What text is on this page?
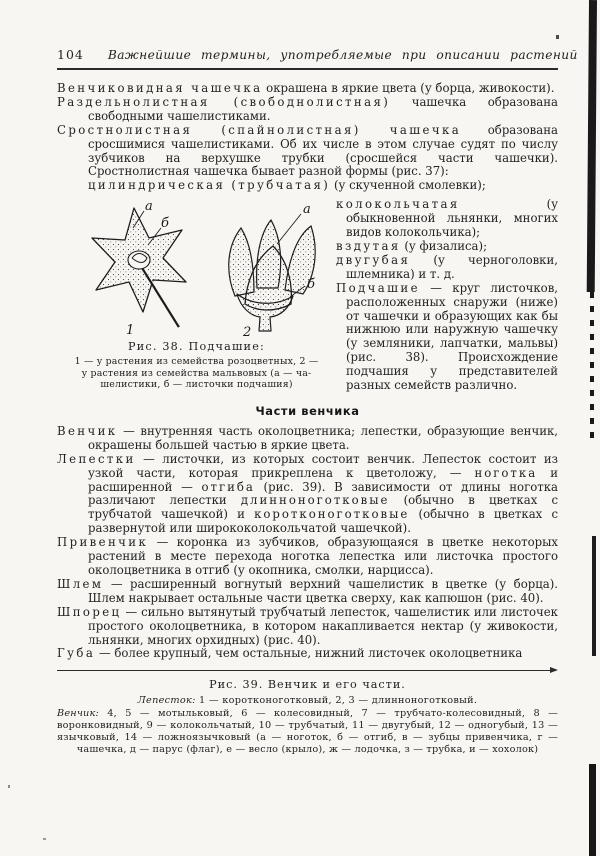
104 Важнейшие термины, употребляемые при описании растений

Венчиковидная чашечка окрашена в яркие цвета (у борца, живокости).

Раздельнолистная (свободнолистная) чашечка образована свободными чашелистиками.

Сростнолистная (спайнолистная) чашечка образована сросшимися чашелистиками. Об их числе в этом случае судят по числу зубчиков на верхушке трубки (сросшейся части чашечки). Сростнолистная чашечка бывает разной формы (рис. 37):

цилиндрическая (трубчатая) (у скученной смолевки);

а
б
1
а
б
2
Рис. 38. Подчашие:
1 — у растения из семейства розоцветных, 2 —
у растения из семейства мальвовых (а — ча-
шелистики, б — листочки подчашия)

колокольчатая	(у обыкновенной льнянки, многих видов колокольчика);

вздутая (у физалиса);

двугубая (у черноголовки, шлемника) и т. д.

Подчашие — круг листочков, расположенных снаружи (ниже) от чашечки и образующих как бы нижнюю или наружную чашечку (у земляники, лапчатки, мальвы) (рис. 38). Происхождение подчашия у представителей разных семейств различно.

Части венчика

Венчик — внутренняя часть околоцветника; лепестки, образующие венчик, окрашены большей частью в яркие цвета.

Лепестки — листочки, из которых состоит венчик. Лепесток состоит из узкой части, которая прикреплена к цветоложу, — ноготка и расширенной — отгиба (рис. 39). В зависимости от длины ноготка различают лепестки длинноноготковые (обычно в цветках с трубчатой чашечкой) и коротконоготковые (обычно в цветках с развернутой или ширококолокольчатой чашечкой).

Привенчик — коронка из зубчиков, образующаяся в цветке некоторых растений в месте перехода ноготка лепестка или листочка простого околоцветника в отгиб (у окопника, смолки, нарцисса).

Шлем — расширенный вогнутый верхний чашелистик в цветке (у борца). Шлем накрывает остальные части цветка сверху, как капюшон (рис. 40).

Шпорец — сильно вытянутый трубчатый лепесток, чашелистик или листочек простого околоцветника, в котором накапливается нектар (у живокости, льнянки, многих орхидных) (рис. 40).

Губа — более крупный, чем остальные, нижний листочек околоцветника

Рис. 39. Венчик и его части.
Лепесток: 1 — коротконоготковый, 2, 3 — длинноноготковый.

Венчик: 4, 5 — мотыльковый, 6 — колесовидный, 7 — трубчато-колесовидный, 8 — воронковидный, 9 — колокольчатый, 10 — трубчатый, 11 — двугубый, 12 — одногубый, 13 — язычковый, 14 — ложноязычковый (а — ноготок, б — отгиб, в — зубцы привенчика, г — чашечка, д — парус (флаг), е — весло (крыло), ж — лодочка, з — трубка, и — хохолок)
